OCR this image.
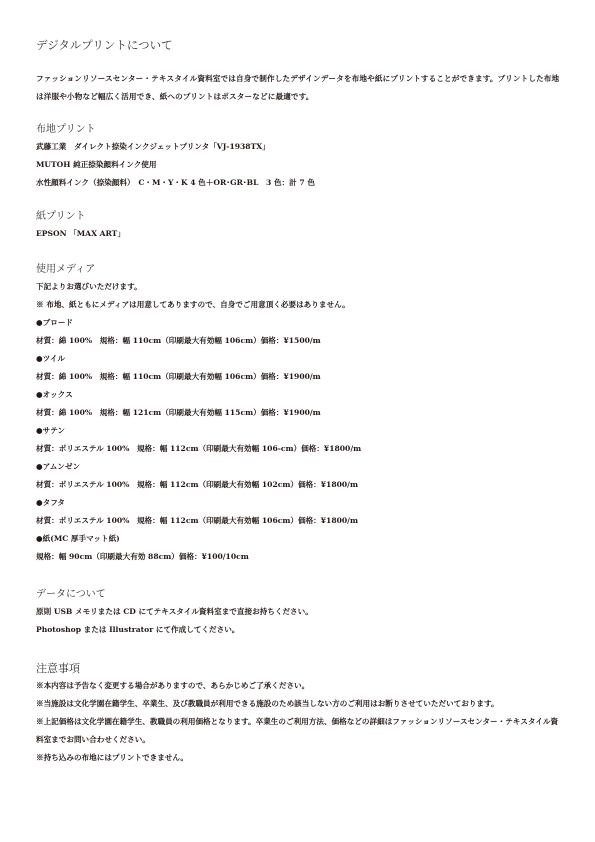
デジタルプリントについて
ファッションリソースセンター・テキスタイル資料室では自身で制作したデザインデータを布地や紙にプリントすることができます。プリントした布地は洋服や小物など幅広く活用でき、紙へのプリントはポスターなどに最適です。
布地プリント
武藤工業　ダイレクト捺染インクジェットプリンタ「VJ-1938TX」
MUTOH 純正捺染顔料インク使用
水性顔料インク（捺染顔料）　C・M・Y・K 4 色＋OR･GR･BL　3 色：計 7 色
紙プリント
EPSON 「MAX ART」
使用メディア
下記よりお選びいただけます。
※ 布地、紙ともにメディアは用意してありますので、自身でご用意頂く必要はありません。
●ブロード
材質：綿 100%　規格：幅 110cm（印刷最大有効幅 106cm）価格：¥1500/m
●ツイル
材質：綿 100%　規格：幅 110cm（印刷最大有効幅 106cm）価格：¥1900/m
●オックス
材質：綿 100%　規格：幅 121cm（印刷最大有効幅 115cm）価格：¥1900/m
●サテン
材質：ポリエステル 100%　規格：幅 112cm（印刷最大有効幅 106-cm）価格：¥1800/m
●アムンゼン
材質：ポリエステル 100%　規格：幅 112cm（印刷最大有効幅 102cm）価格：¥1800/m
●タフタ
材質：ポリエステル 100%　規格：幅 112cm（印刷最大有効幅 106cm）価格：¥1800/m
●紙(MC 厚手マット紙)
規格：幅 90cm（印刷最大有効 88cm）価格：¥100/10cm
データについて
原則 USB メモリまたは CD にてテキスタイル資料室まで直接お持ちください。
Photoshop または Illustrator にて作成してください。
注意事項
※本内容は予告なく変更する場合がありますので、あらかじめご了承ください。
※当施設は文化学園在籍学生、卒業生、及び教職員が利用できる施設のため該当しない方のご利用はお断りさせていただいております。
※上記価格は文化学園在籍学生、教職員の利用価格となります。卒業生のご利用方法、価格などの詳細はファッションリソースセンター・テキスタイル資料室までお問い合わせください。
※持ち込みの布地にはプリントできません。
